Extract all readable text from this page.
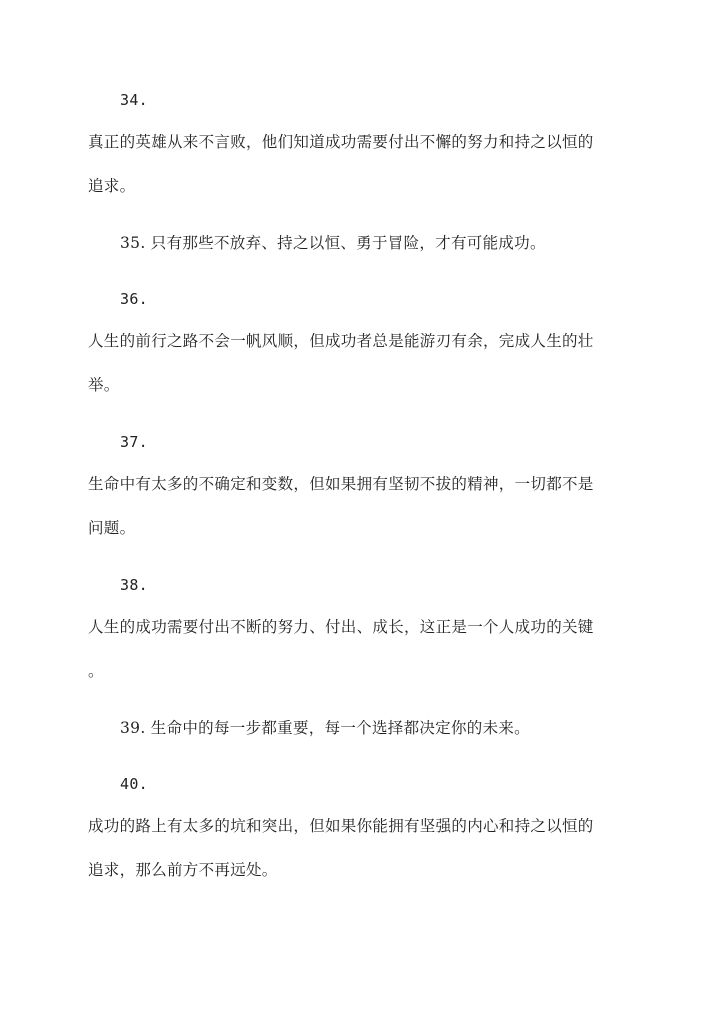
34.
真正的英雄从来不言败，他们知道成功需要付出不懈的努力和持之以恒的
追求。
35. 只有那些不放弃、持之以恒、勇于冒险，才有可能成功。
36.
人生的前行之路不会一帆风顺，但成功者总是能游刃有余，完成人生的壮
举。
37.
生命中有太多的不确定和变数，但如果拥有坚韧不拔的精神，一切都不是
问题。
38.
人生的成功需要付出不断的努力、付出、成长，这正是一个人成功的关键
。
39. 生命中的每一步都重要，每一个选择都决定你的未来。
40.
成功的路上有太多的坑和突出，但如果你能拥有坚强的内心和持之以恒的
追求，那么前方不再远处。
